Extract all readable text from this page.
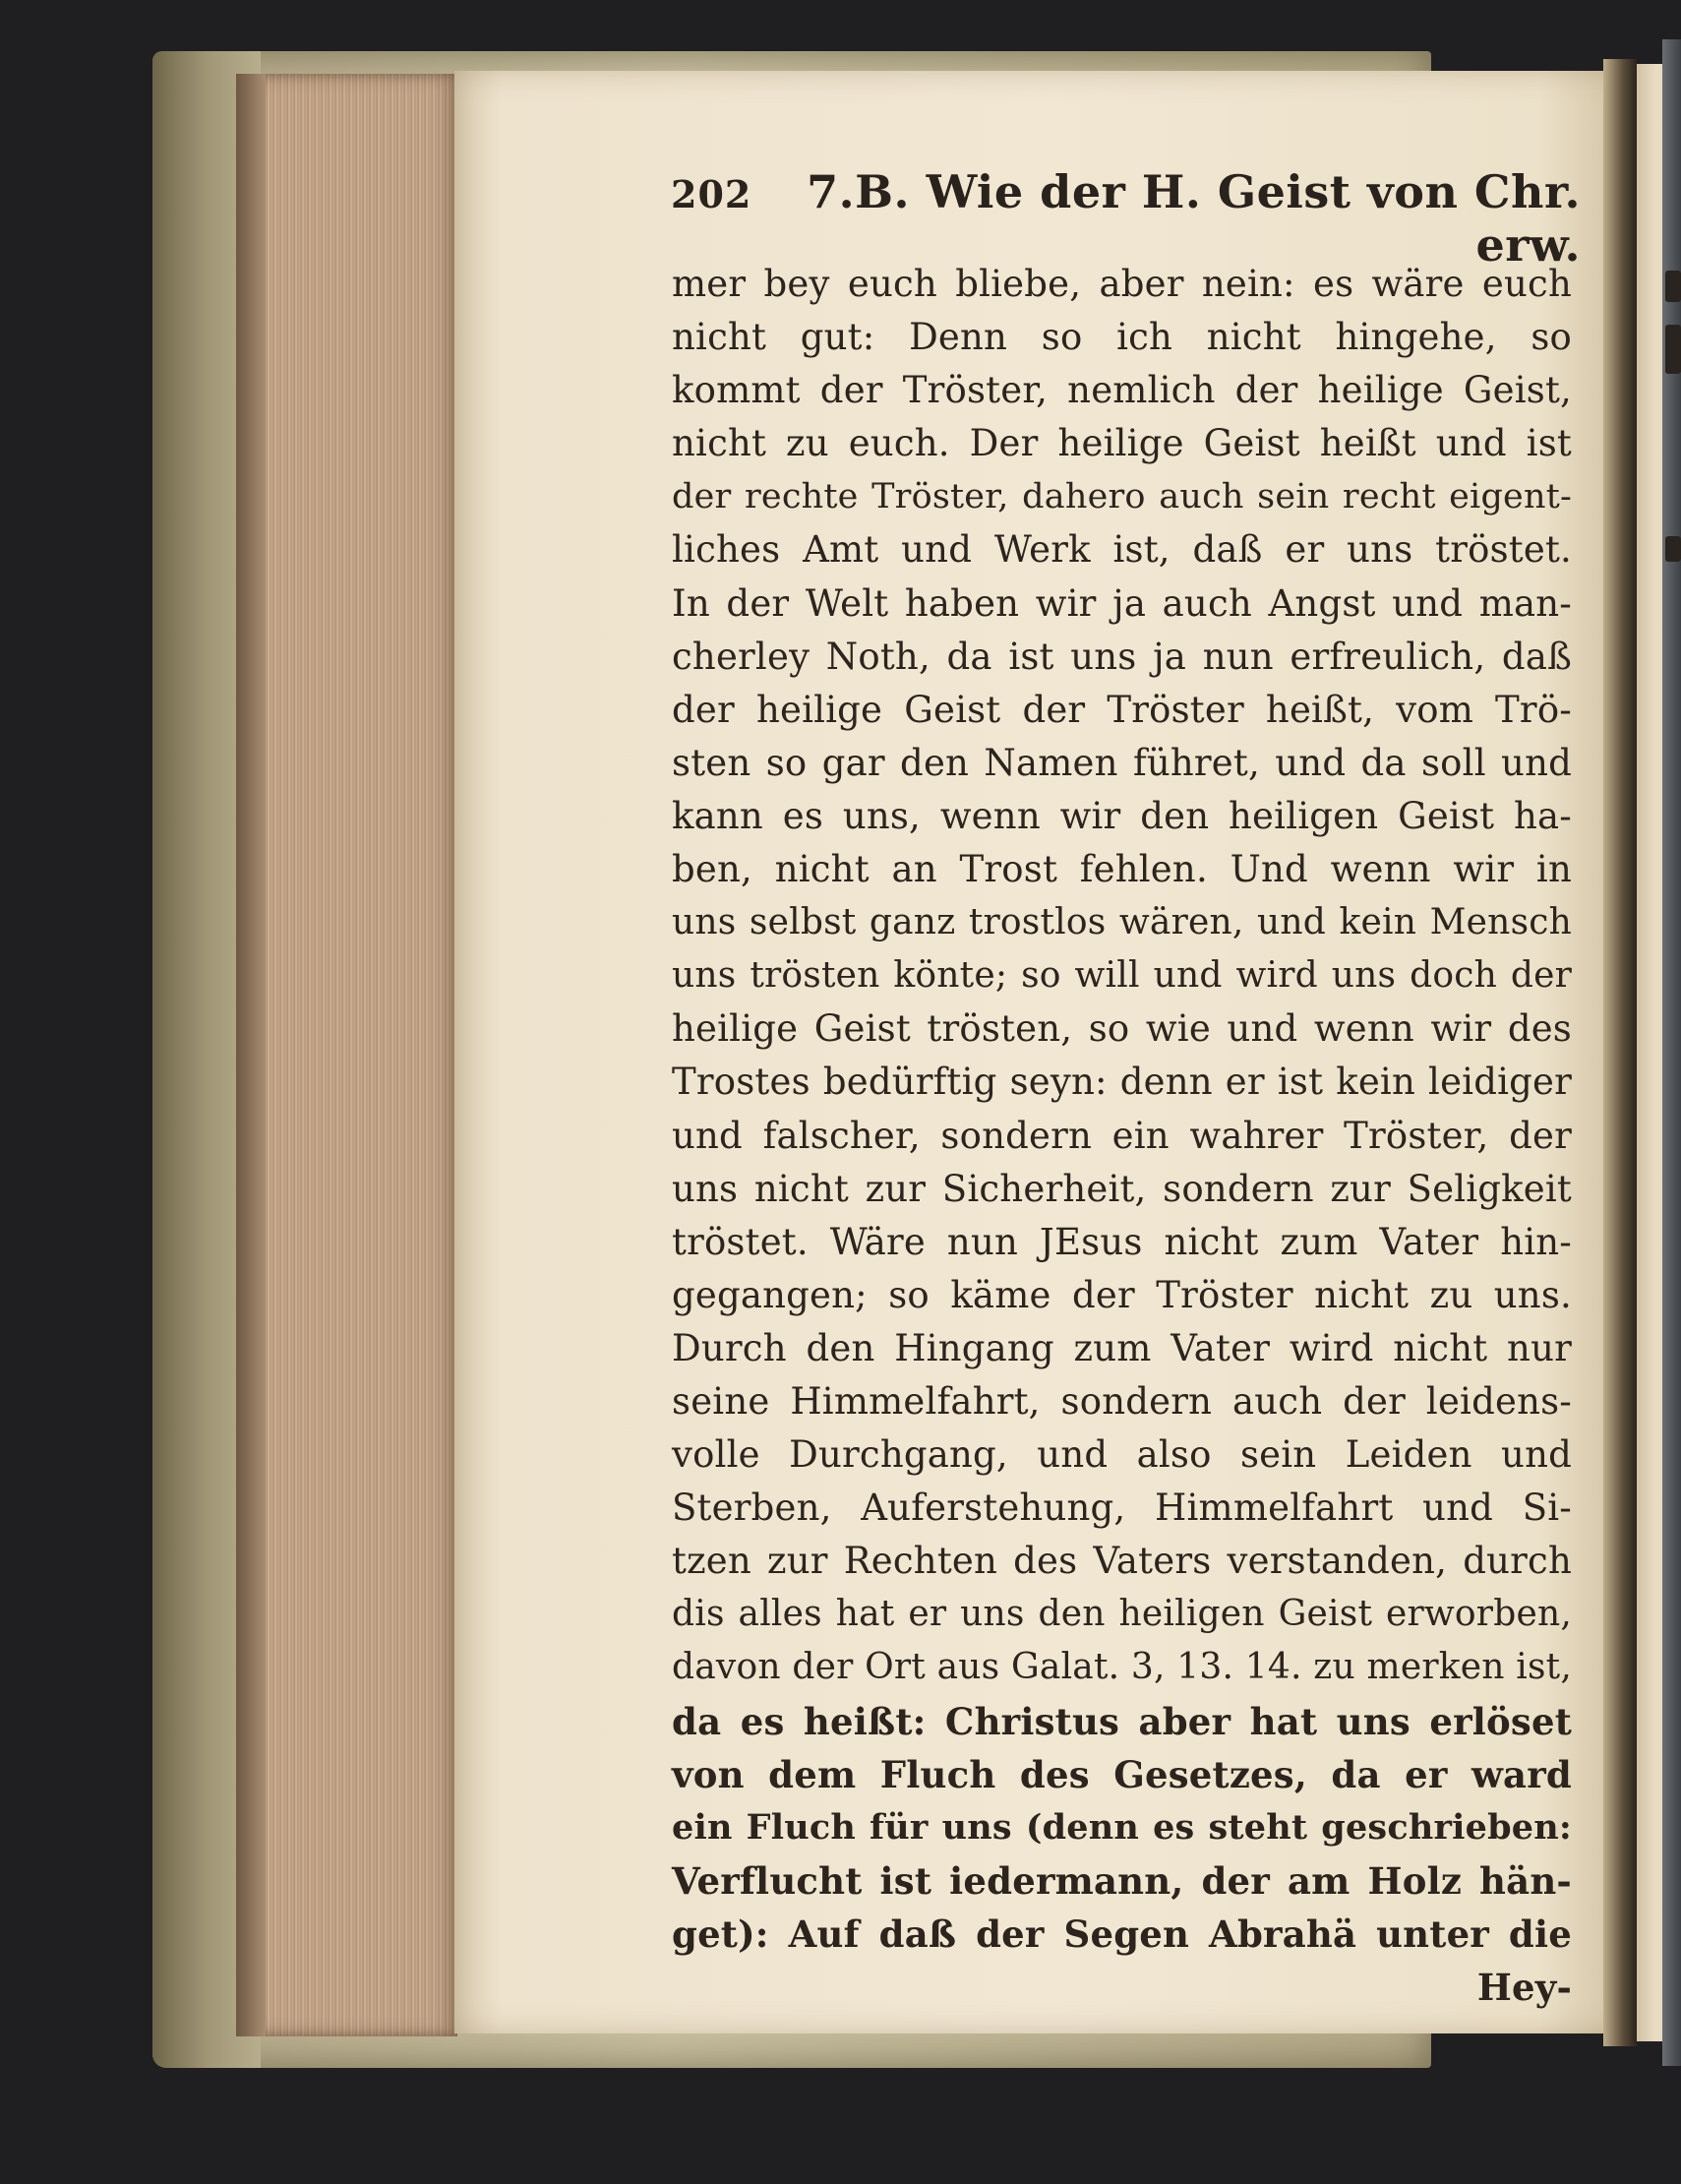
202	7.B. Wie der H. Geist von Chr. erw.
mer bey euch bliebe, aber nein: es wäre euch
nicht gut: Denn so ich nicht hingehe, so
kommt der Tröster, nemlich der heilige Geist,
nicht zu euch. Der heilige Geist heißt und ist
der rechte Tröster, dahero auch sein recht eigent-
liches Amt und Werk ist, daß er uns tröstet.
In der Welt haben wir ja auch Angst und man-
cherley Noth, da ist uns ja nun erfreulich, daß
der heilige Geist der Tröster heißt, vom Trö-
sten so gar den Namen führet, und da soll und
kann es uns, wenn wir den heiligen Geist ha-
ben, nicht an Trost fehlen. Und wenn wir in
uns selbst ganz trostlos wären, und kein Mensch
uns trösten könte; so will und wird uns doch der
heilige Geist trösten, so wie und wenn wir des
Trostes bedürftig seyn: denn er ist kein leidiger
und falscher, sondern ein wahrer Tröster, der
uns nicht zur Sicherheit, sondern zur Seligkeit
tröstet. Wäre nun JEsus nicht zum Vater hin-
gegangen; so käme der Tröster nicht zu uns.
Durch den Hingang zum Vater wird nicht nur
seine Himmelfahrt, sondern auch der leidens-
volle Durchgang, und also sein Leiden und
Sterben, Auferstehung, Himmelfahrt und Si-
tzen zur Rechten des Vaters verstanden, durch
dis alles hat er uns den heiligen Geist erworben,
davon der Ort aus Galat. 3, 13. 14. zu merken ist,
da es heißt: Christus aber hat uns erlöset
von dem Fluch des Gesetzes, da er ward
ein Fluch für uns (denn es steht geschrieben:
Verflucht ist iedermann, der am Holz hän-
get): Auf daß der Segen Abrahä unter die
Hey-
